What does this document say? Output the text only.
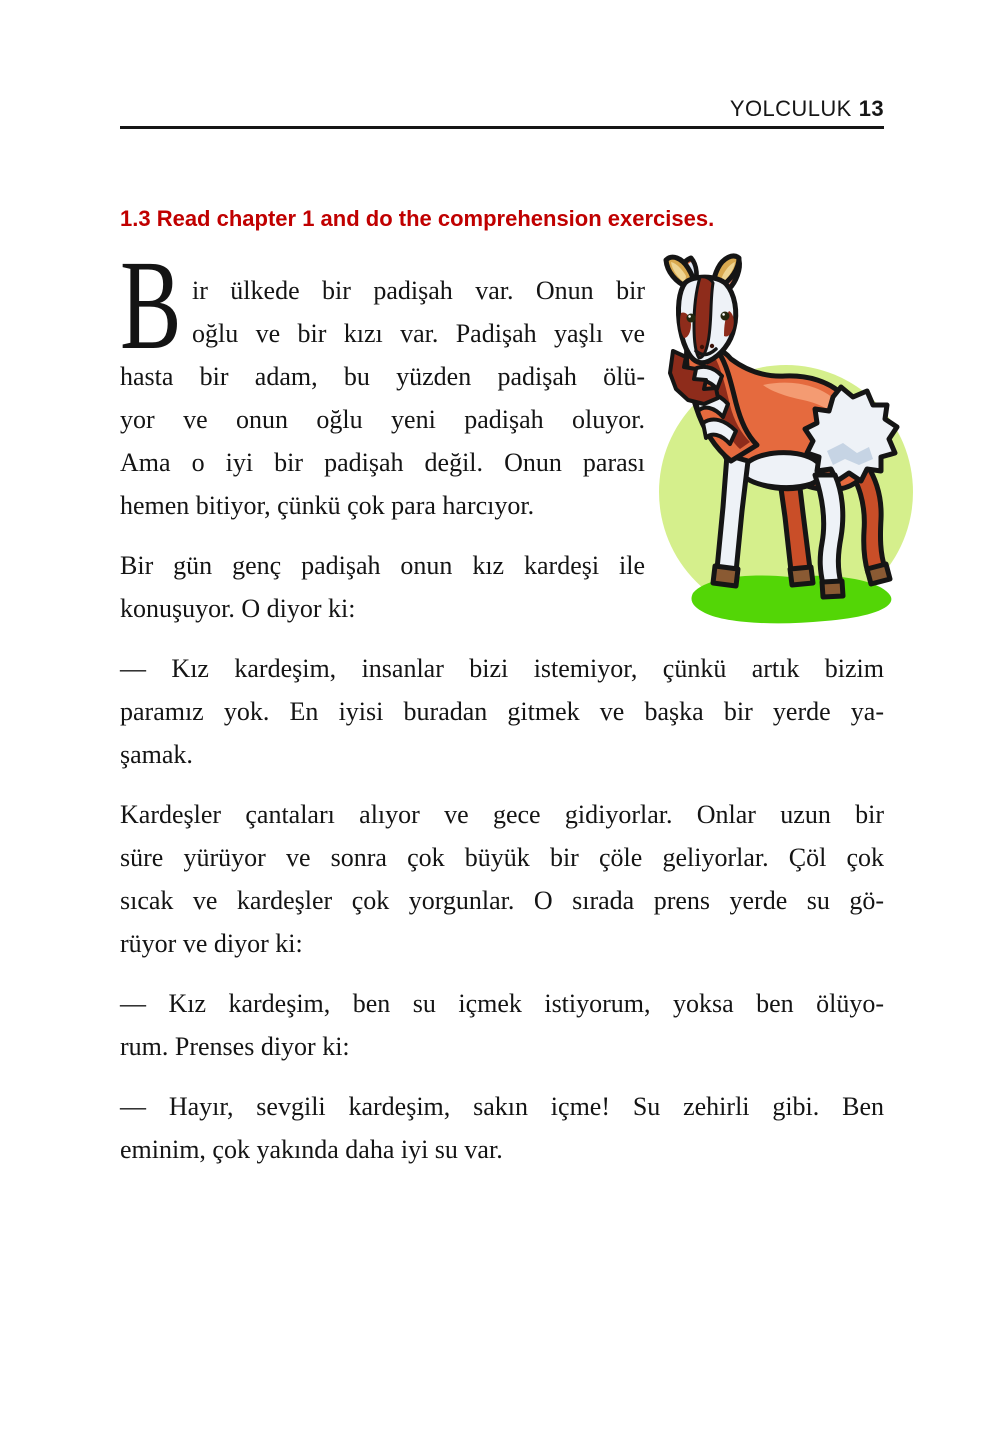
YOLCULUK 13
1.3 Read chapter 1 and do the comprehension exercises.
B ir ülkede bir padişah var. Onun bir
oğlu ve bir kızı var. Padişah yaşlı ve
hasta bir adam, bu yüzden padişah ölü-
yor ve onun oğlu yeni padişah oluyor.
Ama o iyi bir padişah değil. Onun parası
hemen bitiyor, çünkü çok para harcıyor.
Bir gün genç padişah onun kız kardeşi ile
konuşuyor. O diyor ki:
— Kız kardeşim, insanlar bizi istemiyor, çünkü artık bizim
paramız yok. En iyisi buradan gitmek ve başka bir yerde ya-
şamak.
Kardeşler çantaları alıyor ve gece gidiyorlar. Onlar uzun bir
süre yürüyor ve sonra çok büyük bir çöle geliyorlar. Çöl çok
sıcak ve kardeşler çok yorgunlar. O sırada prens yerde su gö-
rüyor ve diyor ki:
— Kız kardeşim, ben su içmek istiyorum, yoksa ben ölüyo-
rum. Prenses diyor ki:
— Hayır, sevgili kardeşim, sakın içme! Su zehirli gibi. Ben
eminim, çok yakında daha iyi su var.
